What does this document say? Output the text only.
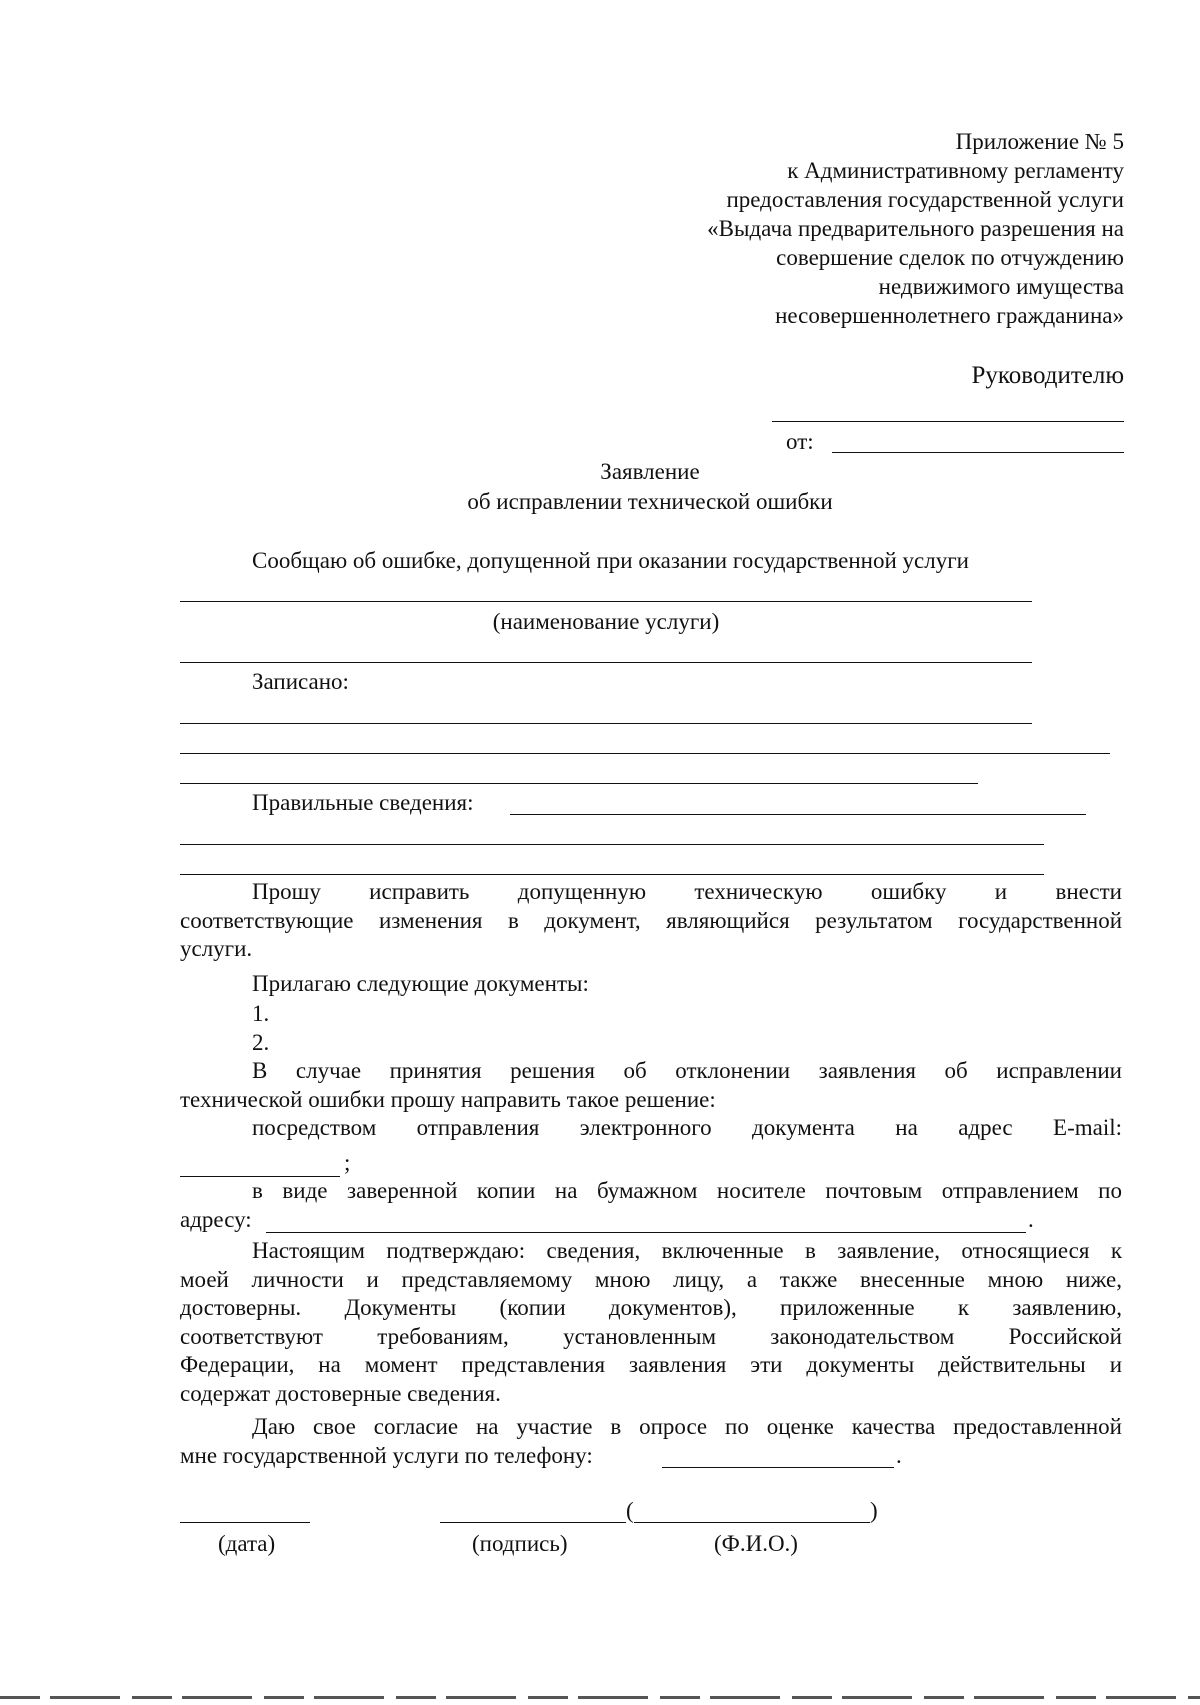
Приложение № 5
к Административному регламенту
предоставления государственной услуги
«Выдача предварительного разрешения на
совершение сделок по отчуждению
недвижимого имущества
несовершеннолетнего гражданина»
Руководителю
от:
Заявление
об исправлении технической ошибки
Сообщаю об ошибке, допущенной при оказании государственной услуги
(наименование услуги)
Записано:
Правильные сведения:

Прошу исправить допущенную техническую ошибку и внести

соответствующие изменения в документ, являющийся результатом государственной

услуги.

Прилагаю следующие документы:
1.
2.

В случае принятия решения об отклонении заявления об исправлении

технической ошибки прошу направить такое решение:

посредством отправления электронного документа на адрес E-mail:

;

в виде заверенной копии на бумажном носителе почтовым отправлением по

адресу:	.

Настоящим подтверждаю: сведения, включенные в заявление, относящиеся к

моей личности и представляемому мною лицу, а также внесенные мною ниже,

достоверны. Документы (копии документов), приложенные к заявлению,

соответствуют требованиям, установленным законодательством Российской

Федерации, на момент представления заявления эти документы действительны и

содержат достоверные сведения.

Даю свое согласие на участие в опросе по оценке качества предоставленной

мне государственной услуги по телефону:	.
(	)
(дата)	(подпись)	(Ф.И.О.)
